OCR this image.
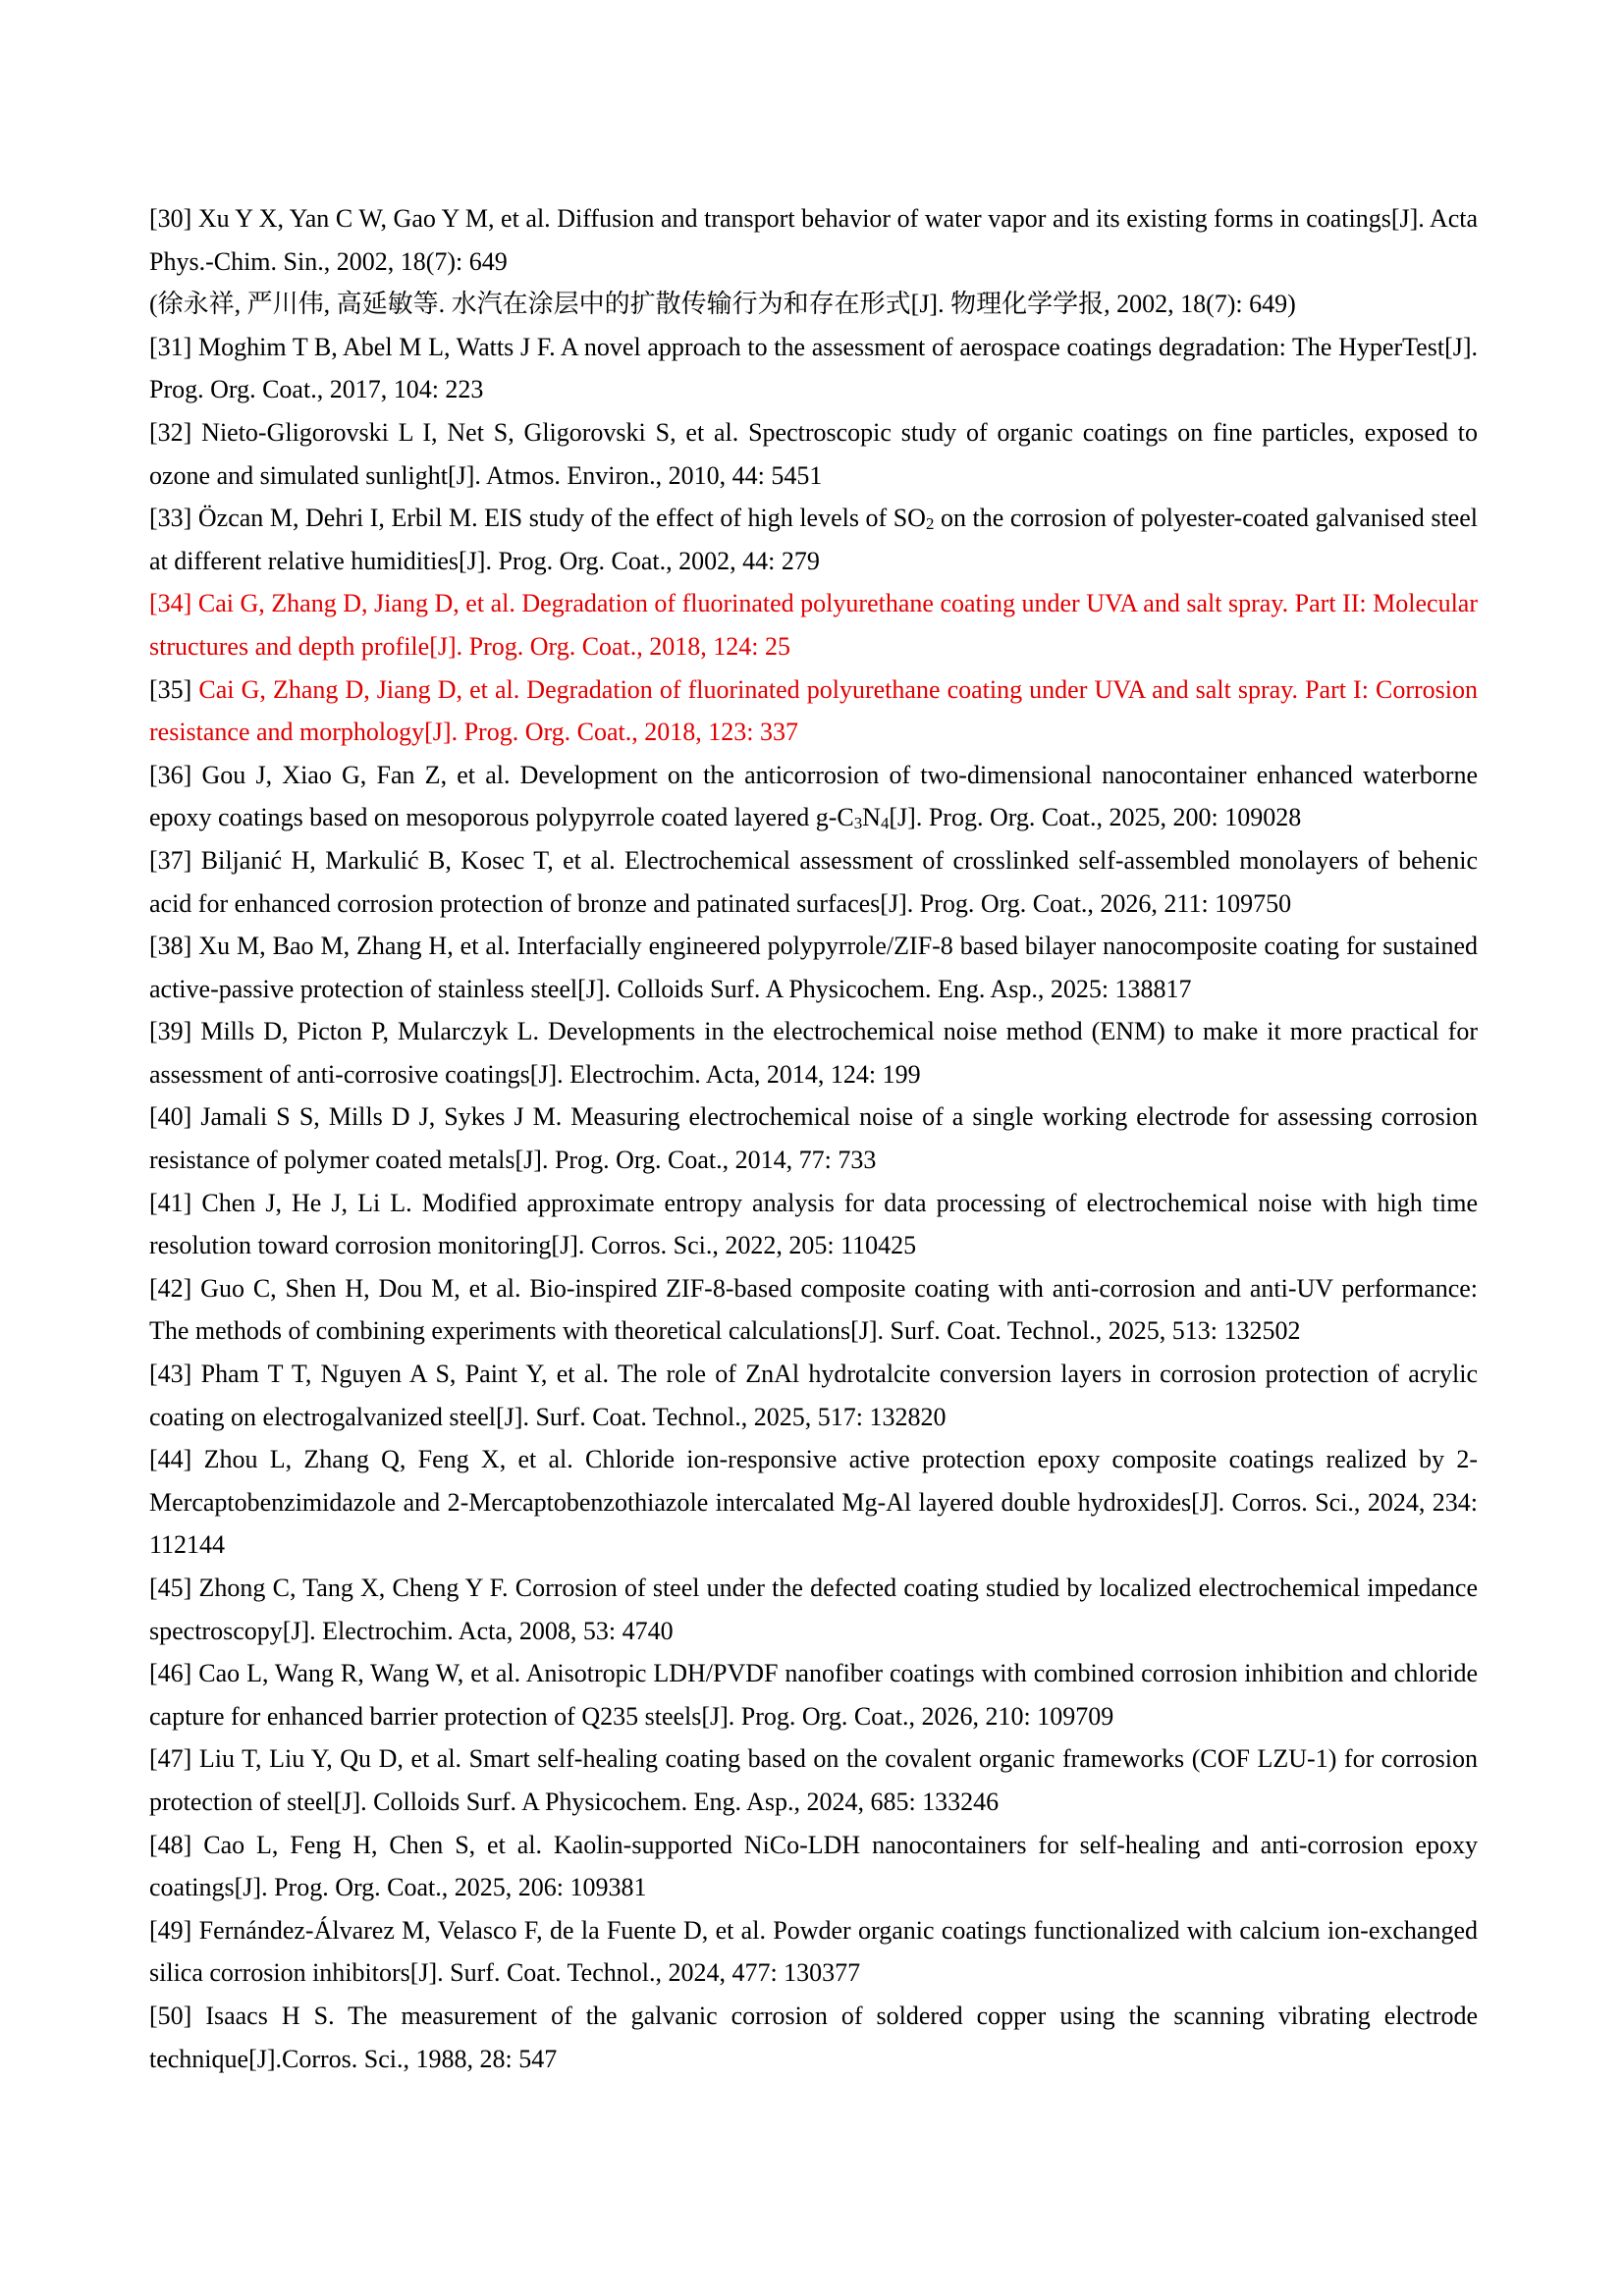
[30] Xu Y X, Yan C W, Gao Y M, et al. Diffusion and transport behavior of water vapor and its existing forms in coatings[J]. Acta Phys.-Chim. Sin., 2002, 18(7): 649
(徐永祥, 严川伟, 高延敏等. 水汽在涂层中的扩散传输行为和存在形式[J]. 物理化学学报, 2002, 18(7): 649)

[31] Moghim T B, Abel M L, Watts J F. A novel approach to the assessment of aerospace coatings degradation: The HyperTest[J]. Prog. Org. Coat., 2017, 104: 223

[32] Nieto-Gligorovski L I, Net S, Gligorovski S, et al. Spectroscopic study of organic coatings on fine particles, exposed to ozone and simulated sunlight[J]. Atmos. Environ., 2010, 44: 5451

[33] Özcan M, Dehri I, Erbil M. EIS study of the effect of high levels of $SO_2$ on the corrosion of polyester-coated galvanised steel at different relative humidities[J]. Prog. Org. Coat., 2002, 44: 279

[34] Cai G, Zhang D, Jiang D, et al. Degradation of fluorinated polyurethane coating under UVA and salt spray. Part II: Molecular structures and depth profile[J]. Prog. Org. Coat., 2018, 124: 25

[35] Cai G, Zhang D, Jiang D, et al. Degradation of fluorinated polyurethane coating under UVA and salt spray. Part I: Corrosion resistance and morphology[J]. Prog. Org. Coat., 2018, 123: 337

[36] Gou J, Xiao G, Fan Z, et al. Development on the anticorrosion of two-dimensional nanocontainer enhanced waterborne epoxy coatings based on mesoporous polypyrrole coated layered $g-C_3N_4[J]$. Prog. Org. Coat., 2025, 200: 109028

[37] Biljanić H, Markulić B, Kosec T, et al. Electrochemical assessment of crosslinked self-assembled monolayers of behenic acid for enhanced corrosion protection of bronze and patinated surfaces[J]. Prog. Org. Coat., 2026, 211: 109750

[38] Xu M, Bao M, Zhang H, et al. Interfacially engineered polypyrrole/ZIF-8 based bilayer nanocomposite coating for sustained active-passive protection of stainless steel[J]. Colloids Surf. A Physicochem. Eng. Asp., 2025: 138817

[39] Mills D, Picton P, Mularczyk L. Developments in the electrochemical noise method (ENM) to make it more practical for assessment of anti-corrosive coatings[J]. Electrochim. Acta, 2014, 124: 199

[40] Jamali S S, Mills D J, Sykes J M. Measuring electrochemical noise of a single working electrode for assessing corrosion resistance of polymer coated metals[J]. Prog. Org. Coat., 2014, 77: 733

[41] Chen J, He J, Li L. Modified approximate entropy analysis for data processing of electrochemical noise with high time resolution toward corrosion monitoring[J]. Corros. Sci., 2022, 205: 110425

[42] Guo C, Shen H, Dou M, et al. Bio-inspired ZIF-8-based composite coating with anti-corrosion and anti-UV performance: The methods of combining experiments with theoretical calculations[J]. Surf. Coat. Technol., 2025, 513: 132502

[43] Pham T T, Nguyen A S, Paint Y, et al. The role of ZnAl hydrotalcite conversion layers in corrosion protection of acrylic coating on electrogalvanized steel[J]. Surf. Coat. Technol., 2025, 517: 132820

[44] Zhou L, Zhang Q, Feng X, et al. Chloride ion-responsive active protection epoxy composite coatings realized by 2-Mercaptobenzimidazole and 2-Mercaptobenzothiazole intercalated Mg-Al layered double hydroxides[J]. Corros. Sci., 2024, 234: 112144

[45] Zhong C, Tang X, Cheng Y F. Corrosion of steel under the defected coating studied by localized electrochemical impedance spectroscopy[J]. Electrochim. Acta, 2008, 53: 4740

[46] Cao L, Wang R, Wang W, et al. Anisotropic LDH/PVDF nanofiber coatings with combined corrosion inhibition and chloride capture for enhanced barrier protection of Q235 steels[J]. Prog. Org. Coat., 2026, 210: 109709

[47] Liu T, Liu Y, Qu D, et al. Smart self-healing coating based on the covalent organic frameworks (COF LZU-1) for corrosion protection of steel[J]. Colloids Surf. A Physicochem. Eng. Asp., 2024, 685: 133246

[48] Cao L, Feng H, Chen S, et al. Kaolin-supported NiCo-LDH nanocontainers for self-healing and anti-corrosion epoxy coatings[J]. Prog. Org. Coat., 2025, 206: 109381

[49] Fernández-Álvarez M, Velasco F, de la Fuente D, et al. Powder organic coatings functionalized with calcium ion-exchanged silica corrosion inhibitors[J]. Surf. Coat. Technol., 2024, 477: 130377

[50] Isaacs H S. The measurement of the galvanic corrosion of soldered copper using the scanning vibrating electrode technique[J].Corros. Sci., 1988, 28: 547
